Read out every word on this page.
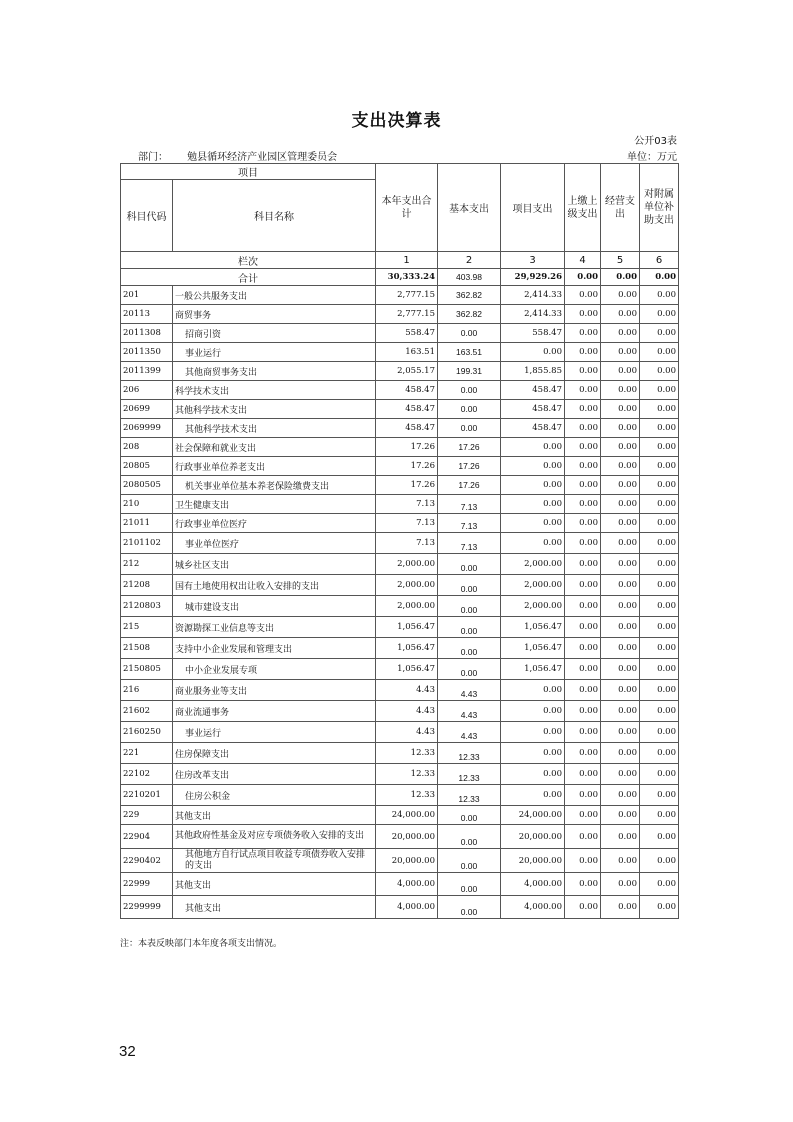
支出决算表
公开03表
部门： 勉县循环经济产业园区管理委员会	单位：万元
项目		本年支出合计	基本支出	项目支出	上缴上级支出	经营支出	对附属单位补助支出
科目代码	科目名称						
栏次		1	2	3	4	5	6
合计		30,333.24	403.98	29,929.26	0.00	0.00	0.00
201	一般公共服务支出	2,777.15	362.82	2,414.33	0.00	0.00	0.00
20113	商贸事务	2,777.15	362.82	2,414.33	0.00	0.00	0.00
2011308	招商引资	558.47	0.00	558.47	0.00	0.00	0.00
2011350	事业运行	163.51	163.51	0.00	0.00	0.00	0.00
2011399	其他商贸事务支出	2,055.17	199.31	1,855.85	0.00	0.00	0.00
206	科学技术支出	458.47	0.00	458.47	0.00	0.00	0.00
20699	其他科学技术支出	458.47	0.00	458.47	0.00	0.00	0.00
2069999	其他科学技术支出	458.47	0.00	458.47	0.00	0.00	0.00
208	社会保障和就业支出	17.26	17.26	0.00	0.00	0.00	0.00
20805	行政事业单位养老支出	17.26	17.26	0.00	0.00	0.00	0.00
2080505	机关事业单位基本养老保险缴费支出	17.26	17.26	0.00	0.00	0.00	0.00
210	卫生健康支出	7.13	7.13	0.00	0.00	0.00	0.00
21011	行政事业单位医疗	7.13	7.13	0.00	0.00	0.00	0.00
2101102	事业单位医疗	7.13	7.13	0.00	0.00	0.00	0.00
212	城乡社区支出	2,000.00	0.00	2,000.00	0.00	0.00	0.00
21208	国有土地使用权出让收入安排的支出	2,000.00	0.00	2,000.00	0.00	0.00	0.00
2120803	城市建设支出	2,000.00	0.00	2,000.00	0.00	0.00	0.00
215	资源勘探工业信息等支出	1,056.47	0.00	1,056.47	0.00	0.00	0.00
21508	支持中小企业发展和管理支出	1,056.47	0.00	1,056.47	0.00	0.00	0.00
2150805	中小企业发展专项	1,056.47	0.00	1,056.47	0.00	0.00	0.00
216	商业服务业等支出	4.43	4.43	0.00	0.00	0.00	0.00
21602	商业流通事务	4.43	4.43	0.00	0.00	0.00	0.00
2160250	事业运行	4.43	4.43	0.00	0.00	0.00	0.00
221	住房保障支出	12.33	12.33	0.00	0.00	0.00	0.00
22102	住房改革支出	12.33	12.33	0.00	0.00	0.00	0.00
2210201	住房公积金	12.33	12.33	0.00	0.00	0.00	0.00
229	其他支出	24,000.00	0.00	24,000.00	0.00	0.00	0.00
22904	其他政府性基金及对应专项债务收入安排的支出	20,000.00	0.00	20,000.00	0.00	0.00	0.00
2290402	其他地方自行试点项目收益专项债券收入安排的支出	20,000.00	0.00	20,000.00	0.00	0.00	0.00
22999	其他支出	4,000.00	0.00	4,000.00	0.00	0.00	0.00
2299999	其他支出	4,000.00	0.00	4,000.00	0.00	0.00	0.00
注：本表反映部门本年度各项支出情况。
32
